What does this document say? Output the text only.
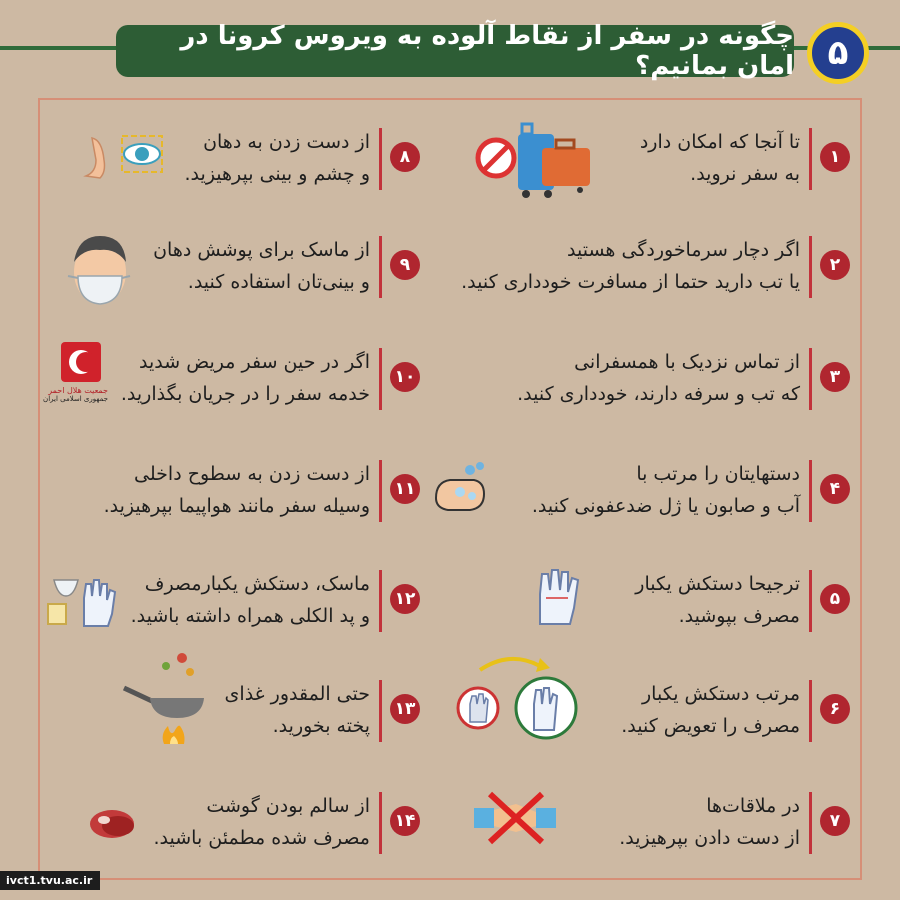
چگونه در سفر از نقاط آلوده به ویروس کرونا در امان بمانیم؟ ۵
۱
تا آنجا که امکان دارد
به سفر نروید.
۲
اگر دچار سرماخوردگی هستید
یا تب دارید حتما از مسافرت خودداری کنید.
۳
از تماس نزدیک با همسفرانی
که تب و سرفه دارند، خودداری کنید.
۴
دستهایتان را مرتب با
آب و صابون یا ژل ضدعفونی کنید.
۵
ترجیحا دستکش یکبار
مصرف بپوشید.
۶
مرتب دستکش یکبار
مصرف را تعویض کنید.
۷
در ملاقات‌ها
از دست دادن بپرهیزید.
۸
از دست زدن به دهان
و چشم و بینی بپرهیزید.
۹
از ماسک برای پوشش دهان
و بینی‌تان استفاده کنید.
۱۰
اگر در حین سفر مریض شدید
خدمه سفر را در جریان بگذارید.
جمعیت هلال احمر
جمهوری اسلامی ایران
۱۱
از دست زدن به سطوح داخلی
وسیله سفر مانند هواپیما بپرهیزید.
۱۲
ماسک، دستکش یکبارمصرف
و پد الکلی همراه داشته باشید.
۱۳
حتی المقدور غذای
پخته بخورید.
۱۴
از سالم بودن گوشت
مصرف شده مطمئن باشید.
ivct1.tvu.ac.ir
